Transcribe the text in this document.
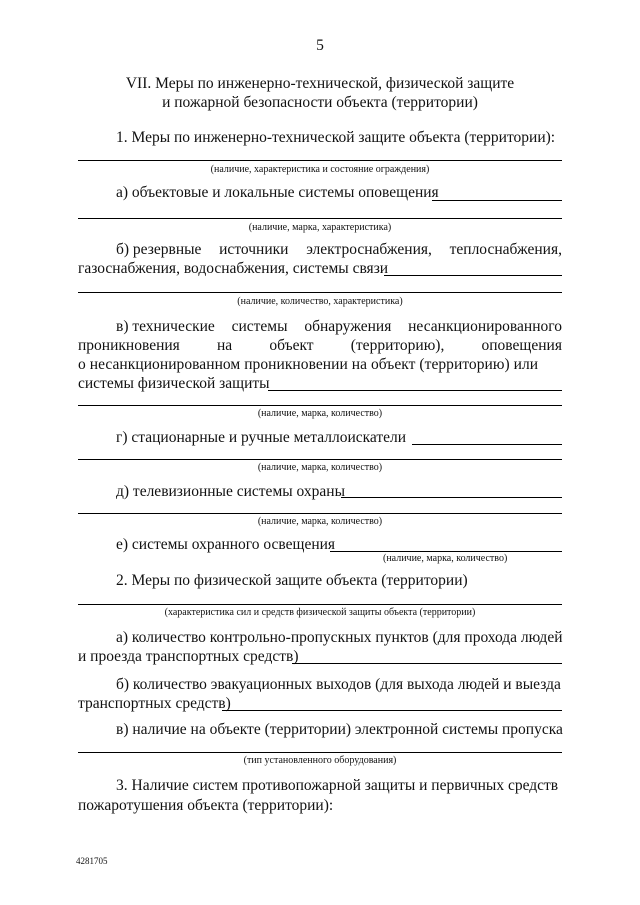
5
VII. Меры по инженерно-технической, физической защите
и пожарной безопасности объекта (территории)
1. Меры по инженерно-технической защите объекта (территории):
(наличие, характеристика и состояние ограждения)
а) объектовые и локальные системы оповещения
(наличие, марка, характеристика)
б) резервные источники электроснабжения, теплоснабжения,
газоснабжения, водоснабжения, системы связи
(наличие, количество, характеристика)
в) технические системы обнаружения несанкционированного
проникновения на объект (территорию), оповещения
о несанкционированном проникновении на объект (территорию) или
системы физической защиты
(наличие, марка, количество)
г) стационарные и ручные металлоискатели
(наличие, марка, количество)
д) телевизионные системы охраны
(наличие, марка, количество)
е) системы охранного освещения
(наличие, марка, количество)
2. Меры по физической защите объекта (территории)
(характеристика сил и средств физической защиты объекта (территории)
а) количество контрольно-пропускных пунктов (для прохода людей
и проезда транспортных средств)
б) количество эвакуационных выходов (для выхода людей и выезда
транспортных средств)
в) наличие на объекте (территории) электронной системы пропуска
(тип установленного оборудования)
3. Наличие систем противопожарной защиты и первичных средств
пожаротушения объекта (территории):
4281705
